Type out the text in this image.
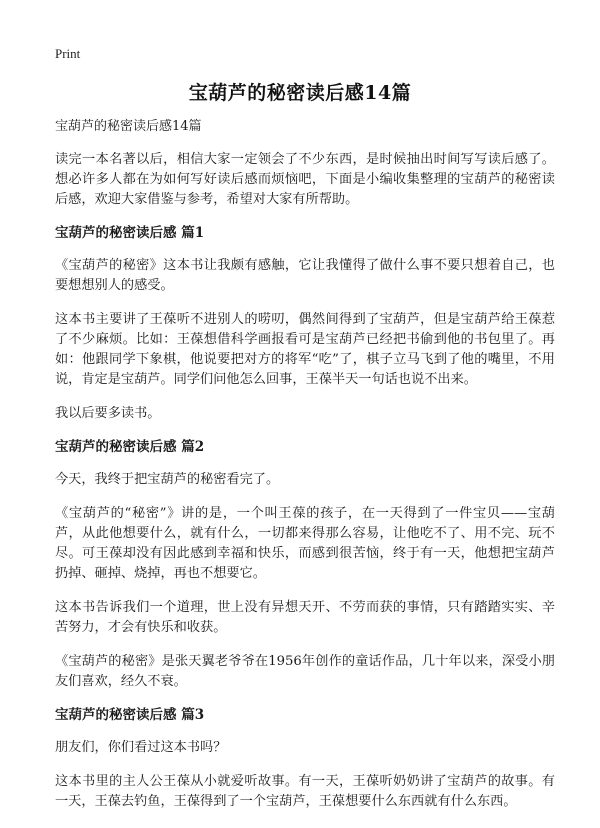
Print
宝葫芦的秘密读后感14篇
宝葫芦的秘密读后感14篇

读完一本名著以后，相信大家一定领会了不少东西，是时候抽出时间写写读后感了。想必许多人都在为如何写好读后感而烦恼吧，下面是小编收集整理的宝葫芦的秘密读后感，欢迎大家借鉴与参考，希望对大家有所帮助。

宝葫芦的秘密读后感 篇1

《宝葫芦的秘密》这本书让我颇有感触，它让我懂得了做什么事不要只想着自己，也要想想别人的感受。

这本书主要讲了王葆听不进别人的唠叨，偶然间得到了宝葫芦，但是宝葫芦给王葆惹了不少麻烦。比如：王葆想借科学画报看可是宝葫芦已经把书偷到他的书包里了。再如：他跟同学下象棋，他说要把对方的将军“吃”了，棋子立马飞到了他的嘴里，不用说，肯定是宝葫芦。同学们问他怎么回事，王葆半天一句话也说不出来。

我以后要多读书。

宝葫芦的秘密读后感 篇2

今天，我终于把宝葫芦的秘密看完了。

《宝葫芦的“秘密”》讲的是，一个叫王葆的孩子，在一天得到了一件宝贝——宝葫芦，从此他想要什么，就有什么，一切都来得那么容易，让他吃不了、用不完、玩不尽。可王葆却没有因此感到幸福和快乐，而感到很苦恼，终于有一天，他想把宝葫芦扔掉、砸掉、烧掉，再也不想要它。

这本书告诉我们一个道理，世上没有异想天开、不劳而获的事情，只有踏踏实实、辛苦努力，才会有快乐和收获。

《宝葫芦的秘密》是张天翼老爷爷在1956年创作的童话作品，几十年以来，深受小朋友们喜欢，经久不衰。

宝葫芦的秘密读后感 篇3

朋友们，你们看过这本书吗？

这本书里的主人公王葆从小就爱听故事。有一天，王葆听奶奶讲了宝葫芦的故事。有一天，王葆去钓鱼，王葆得到了一个宝葫芦，王葆想要什么东西就有什么东西。
